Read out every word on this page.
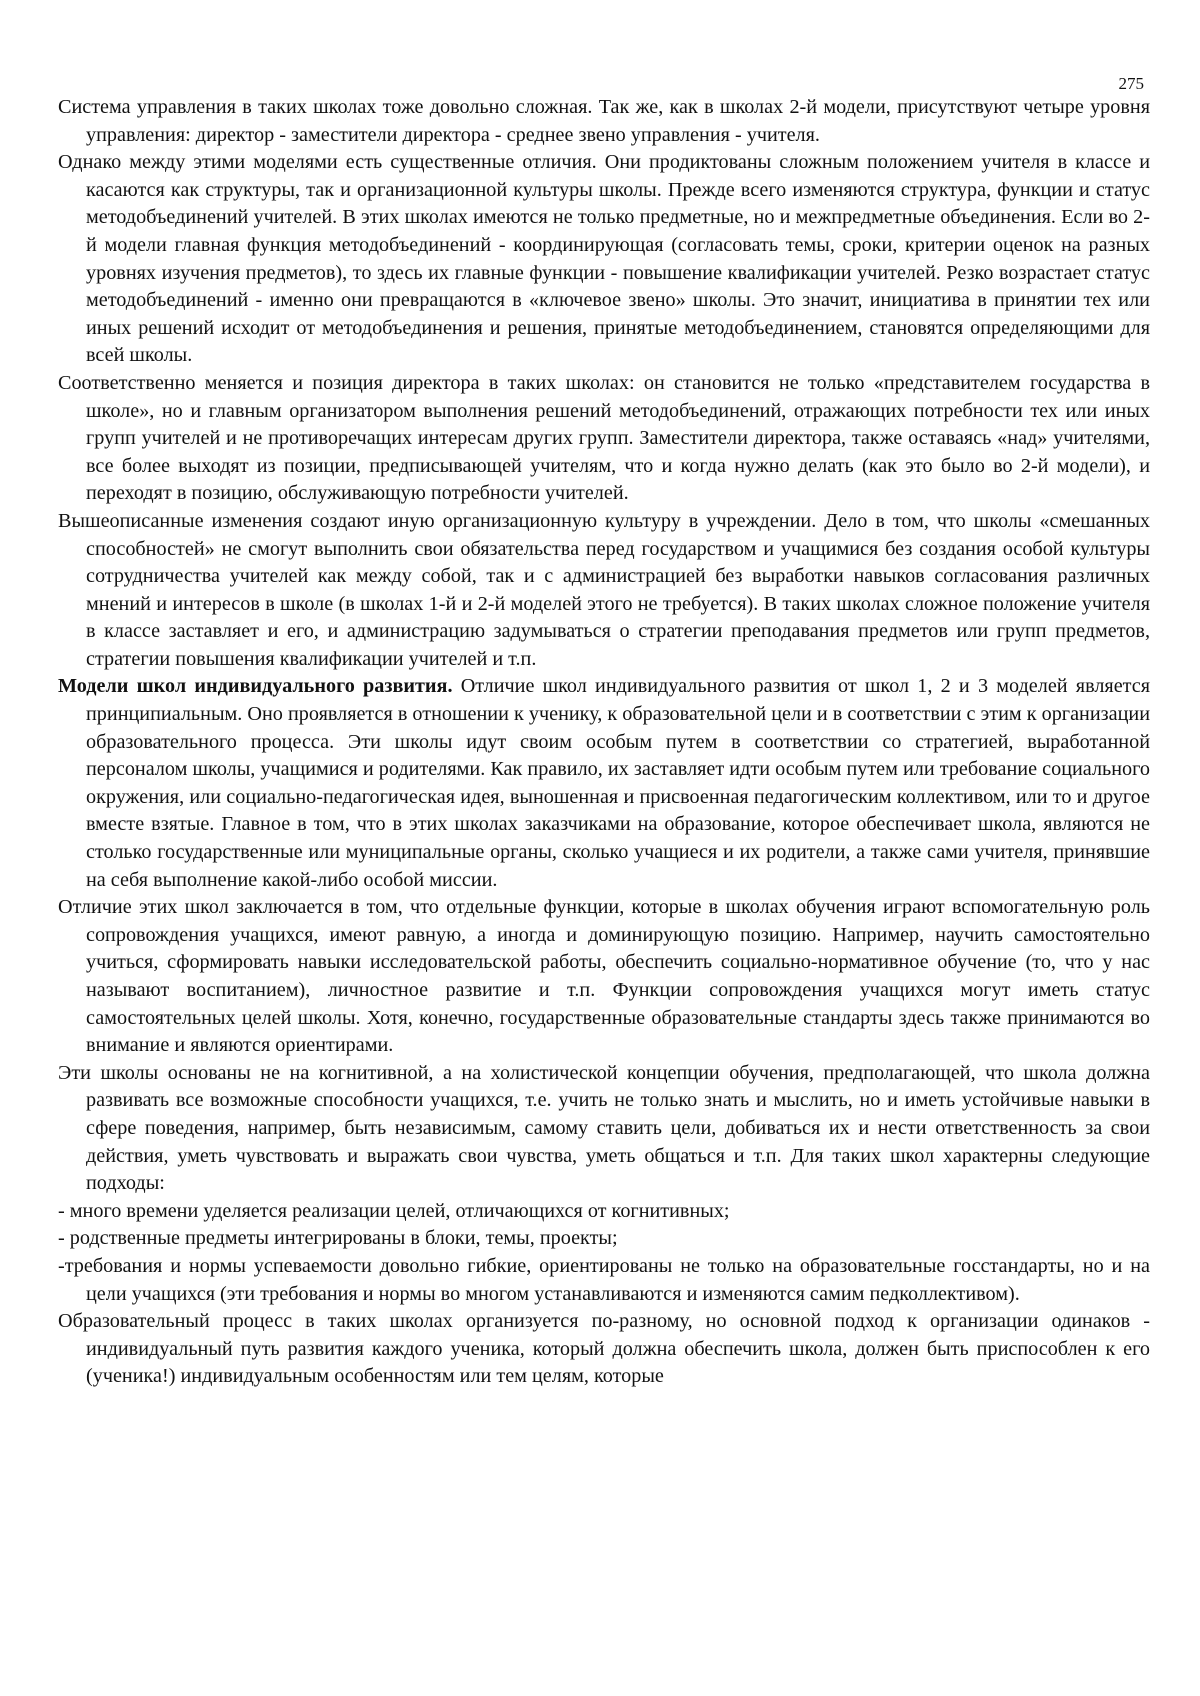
275

Система управления в таких школах тоже довольно сложная. Так же, как в школах 2-й модели, присутствуют четыре уровня управления: директор - заместители директора - среднее звено управления - учителя.

Однако между этими моделями есть существенные отличия. Они продиктованы сложным положением учителя в классе и касаются как структуры, так и организационной культуры школы. Прежде всего изменяются структура, функции и статус методобъединений учителей. В этих школах имеются не только предметные, но и межпредметные объединения. Если во 2-й модели главная функция методобъединений - координирующая (согласовать темы, сроки, критерии оценок на разных уровнях изучения предметов), то здесь их главные функции - повышение квалификации учителей. Резко возрастает статус методобъединений - именно они превращаются в «ключевое звено» школы. Это значит, инициатива в принятии тех или иных решений исходит от методобъединения и решения, принятые методобъединением, становятся определяющими для всей школы.

Соответственно меняется и позиция директора в таких школах: он становится не только «представителем государства в школе», но и главным организатором выполнения решений методобъединений, отражающих потребности тех или иных групп учителей и не противоречащих интересам других групп. Заместители директора, также оставаясь «над» учителями, все более выходят из позиции, предписывающей учителям, что и когда нужно делать (как это было во 2-й модели), и переходят в позицию, обслуживающую потребности учителей.

Вышеописанные изменения создают иную организационную культуру в учреждении. Дело в том, что школы «смешанных способностей» не смогут выполнить свои обязательства перед государством и учащимися без создания особой культуры сотрудничества учителей как между собой, так и с администрацией без выработки навыков согласования различных мнений и интересов в школе (в школах 1-й и 2-й моделей этого не требуется). В таких школах сложное положение учителя в классе заставляет и его, и администрацию задумываться о стратегии преподавания предметов или групп предметов, стратегии повышения квалификации учителей и т.п.

Модели школ индивидуального развития. Отличие школ индивидуального развития от школ 1, 2 и 3 моделей является принципиальным. Оно проявляется в отношении к ученику, к образовательной цели и в соответствии с этим к организации образовательного процесса. Эти школы идут своим особым путем в соответствии со стратегией, выработанной персоналом школы, учащимися и родителями. Как правило, их заставляет идти особым путем или требование социального окружения, или социально-педагогическая идея, выношенная и присвоенная педагогическим коллективом, или то и другое вместе взятые. Главное в том, что в этих школах заказчиками на образование, которое обеспечивает школа, являются не столько государственные или муниципальные органы, сколько учащиеся и их родители, а также сами учителя, принявшие на себя выполнение какой-либо особой миссии.

Отличие этих школ заключается в том, что отдельные функции, которые в школах обучения играют вспомогательную роль сопровождения учащихся, имеют равную, а иногда и доминирующую позицию. Например, научить самостоятельно учиться, сформировать навыки исследовательской работы, обеспечить социально-нормативное обучение (то, что у нас называют воспитанием), личностное развитие и т.п. Функции сопровождения учащихся могут иметь статус самостоятельных целей школы. Хотя, конечно, государственные образовательные стандарты здесь также принимаются во внимание и являются ориентирами.

Эти школы основаны не на когнитивной, а на холистической концепции обучения, предполагающей, что школа должна развивать все возможные способности учащихся, т.е. учить не только знать и мыслить, но и иметь устойчивые навыки в сфере поведения, например, быть независимым, самому ставить цели, добиваться их и нести ответственность за свои действия, уметь чувствовать и выражать свои чувства, уметь общаться и т.п. Для таких школ характерны следующие подходы:

- много времени уделяется реализации целей, отличающихся от когнитивных;

- родственные предметы интегрированы в блоки, темы, проекты;

-требования и нормы успеваемости довольно гибкие, ориентированы не только на образовательные госстандарты, но и на цели учащихся (эти требования и нормы во многом устанавливаются и изменяются самим педколлективом).

Образовательный процесс в таких школах организуется по-разному, но основной подход к организации одинаков - индивидуальный путь развития каждого ученика, который должна обеспечить школа, должен быть приспособлен к его (ученика!) индивидуальным особенностям или тем целям, которые
